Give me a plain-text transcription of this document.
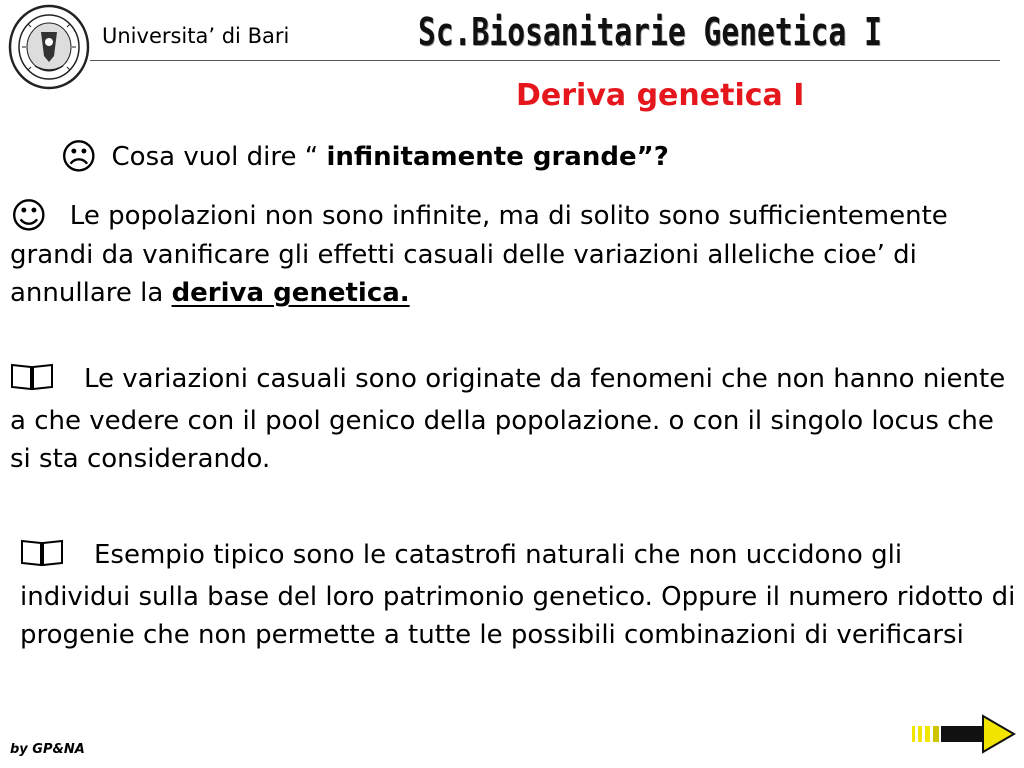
Universita’ di Bari	Sc.Biosanitarie Genetica I
Deriva genetica I
☹ Cosa vuol dire “ infinitamente grande”?
☺ Le popolazioni non sono infinite, ma di solito sono sufficientemente grandi da vanificare gli effetti casuali delle variazioni alleliche cioe’ di annullare la deriva genetica.
Le variazioni casuali sono originate da fenomeni che non hanno niente a che vedere con il pool genico della popolazione. o con il singolo locus che si sta considerando.
Esempio tipico sono le catastrofi naturali che non uccidono gli individui sulla base del loro patrimonio genetico. Oppure il numero ridotto di progenie che non permette a tutte le possibili combinazioni di verificarsi
by GP&NA
